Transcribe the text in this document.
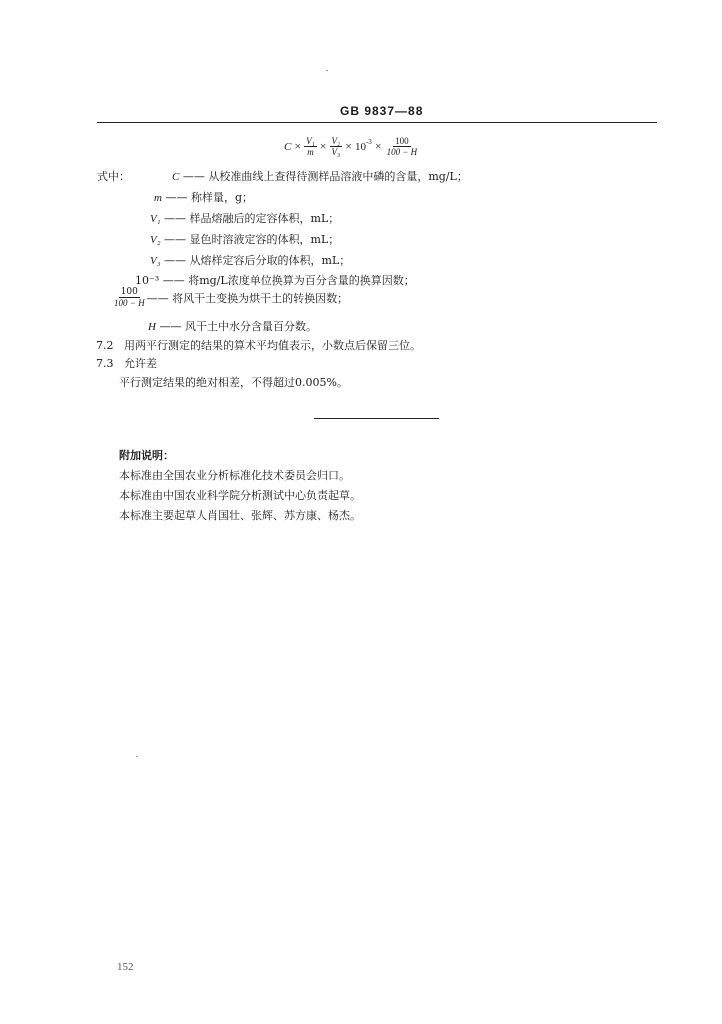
GB 9837—88
$C \times \frac{\text{V₁}}{m} \times \frac{\text{V₂}}{\text{V₃}} \times 10^{-3} \times \frac{100}{100 - H}$
式中：	C —— 从校准曲线上查得待测样品溶液中磷的含量，mg/L；
m —— 称样量，g；
V₁ —— 样品熔融后的定容体积，mL；
V₂ —— 显色时溶液定容的体积，mL；
V₃ —— 从熔样定容后分取的体积，mL；
10⁻³ —— 将mg/L浓度单位换算为百分含量的换算因数；
$\frac{100}{100 - H}$ —— 将风干土变换为烘干土的转换因数；
H —— 风干土中水分含量百分数。
7.2 用两平行测定的结果的算术平均值表示，小数点后保留三位。
7.3 允许差
平行测定结果的绝对相差，不得超过0.005%。
附加说明：
本标准由全国农业分析标准化技术委员会归口。
本标准由中国农业科学院分析测试中心负责起草。
本标准主要起草人肖国壮、张辉、苏方康、杨杰。
152
